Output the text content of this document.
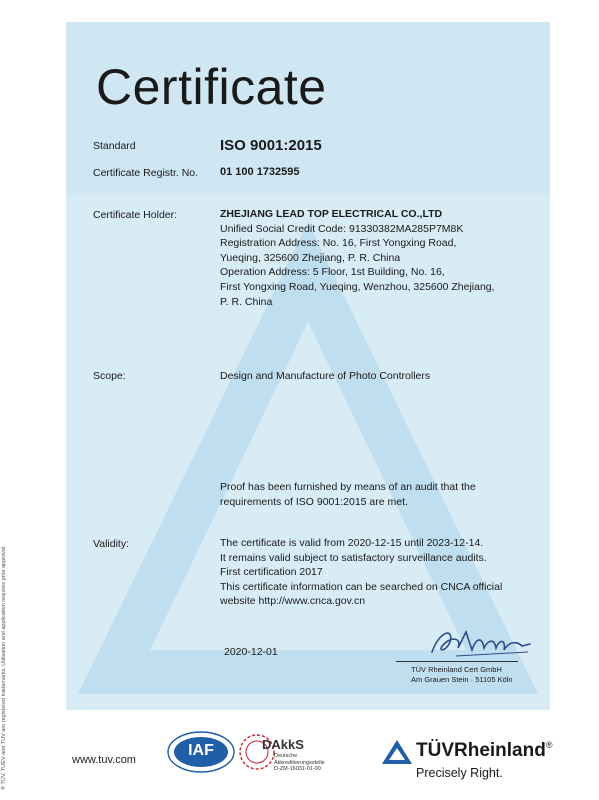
® TÜV, TUEV and TUV are registered trademarks. Utilisation and application requires prior approval.
Certificate
Standard	ISO 9001:2015
Certificate Registr. No. 01 100 1732595
Certificate Holder:	ZHEJIANG LEAD TOP ELECTRICAL CO.,LTD
Unified Social Credit Code: 91330382MA285P7M8K
Registration Address: No. 16, First Yongxing Road,
Yueqing, 325600 Zhejiang, P. R. China
Operation Address: 5 Floor, 1st Building, No. 16,
First Yongxing Road, Yueqing, Wenzhou, 325600 Zhejiang,
P. R. China
Scope:	Design and Manufacture of Photo Controllers
Proof has been furnished by means of an audit that the
requirements of ISO 9001:2015 are met.
Validity:	The certificate is valid from 2020-12-15 until 2023-12-14.
It remains valid subject to satisfactory surveillance audits.
First certification 2017
This certificate information can be searched on CNCA official
website http://www.cnca.gov.cn
2020-12-01
TÜV Rheinland Cert GmbH
Am Grauen Stein · 51105 Köln
www.tuv.com
IAF	DAkkS
Deutsche
Akkreditierungsstelle
D-ZM-16031-01-00
TÜVRheinland®
Precisely Right.
